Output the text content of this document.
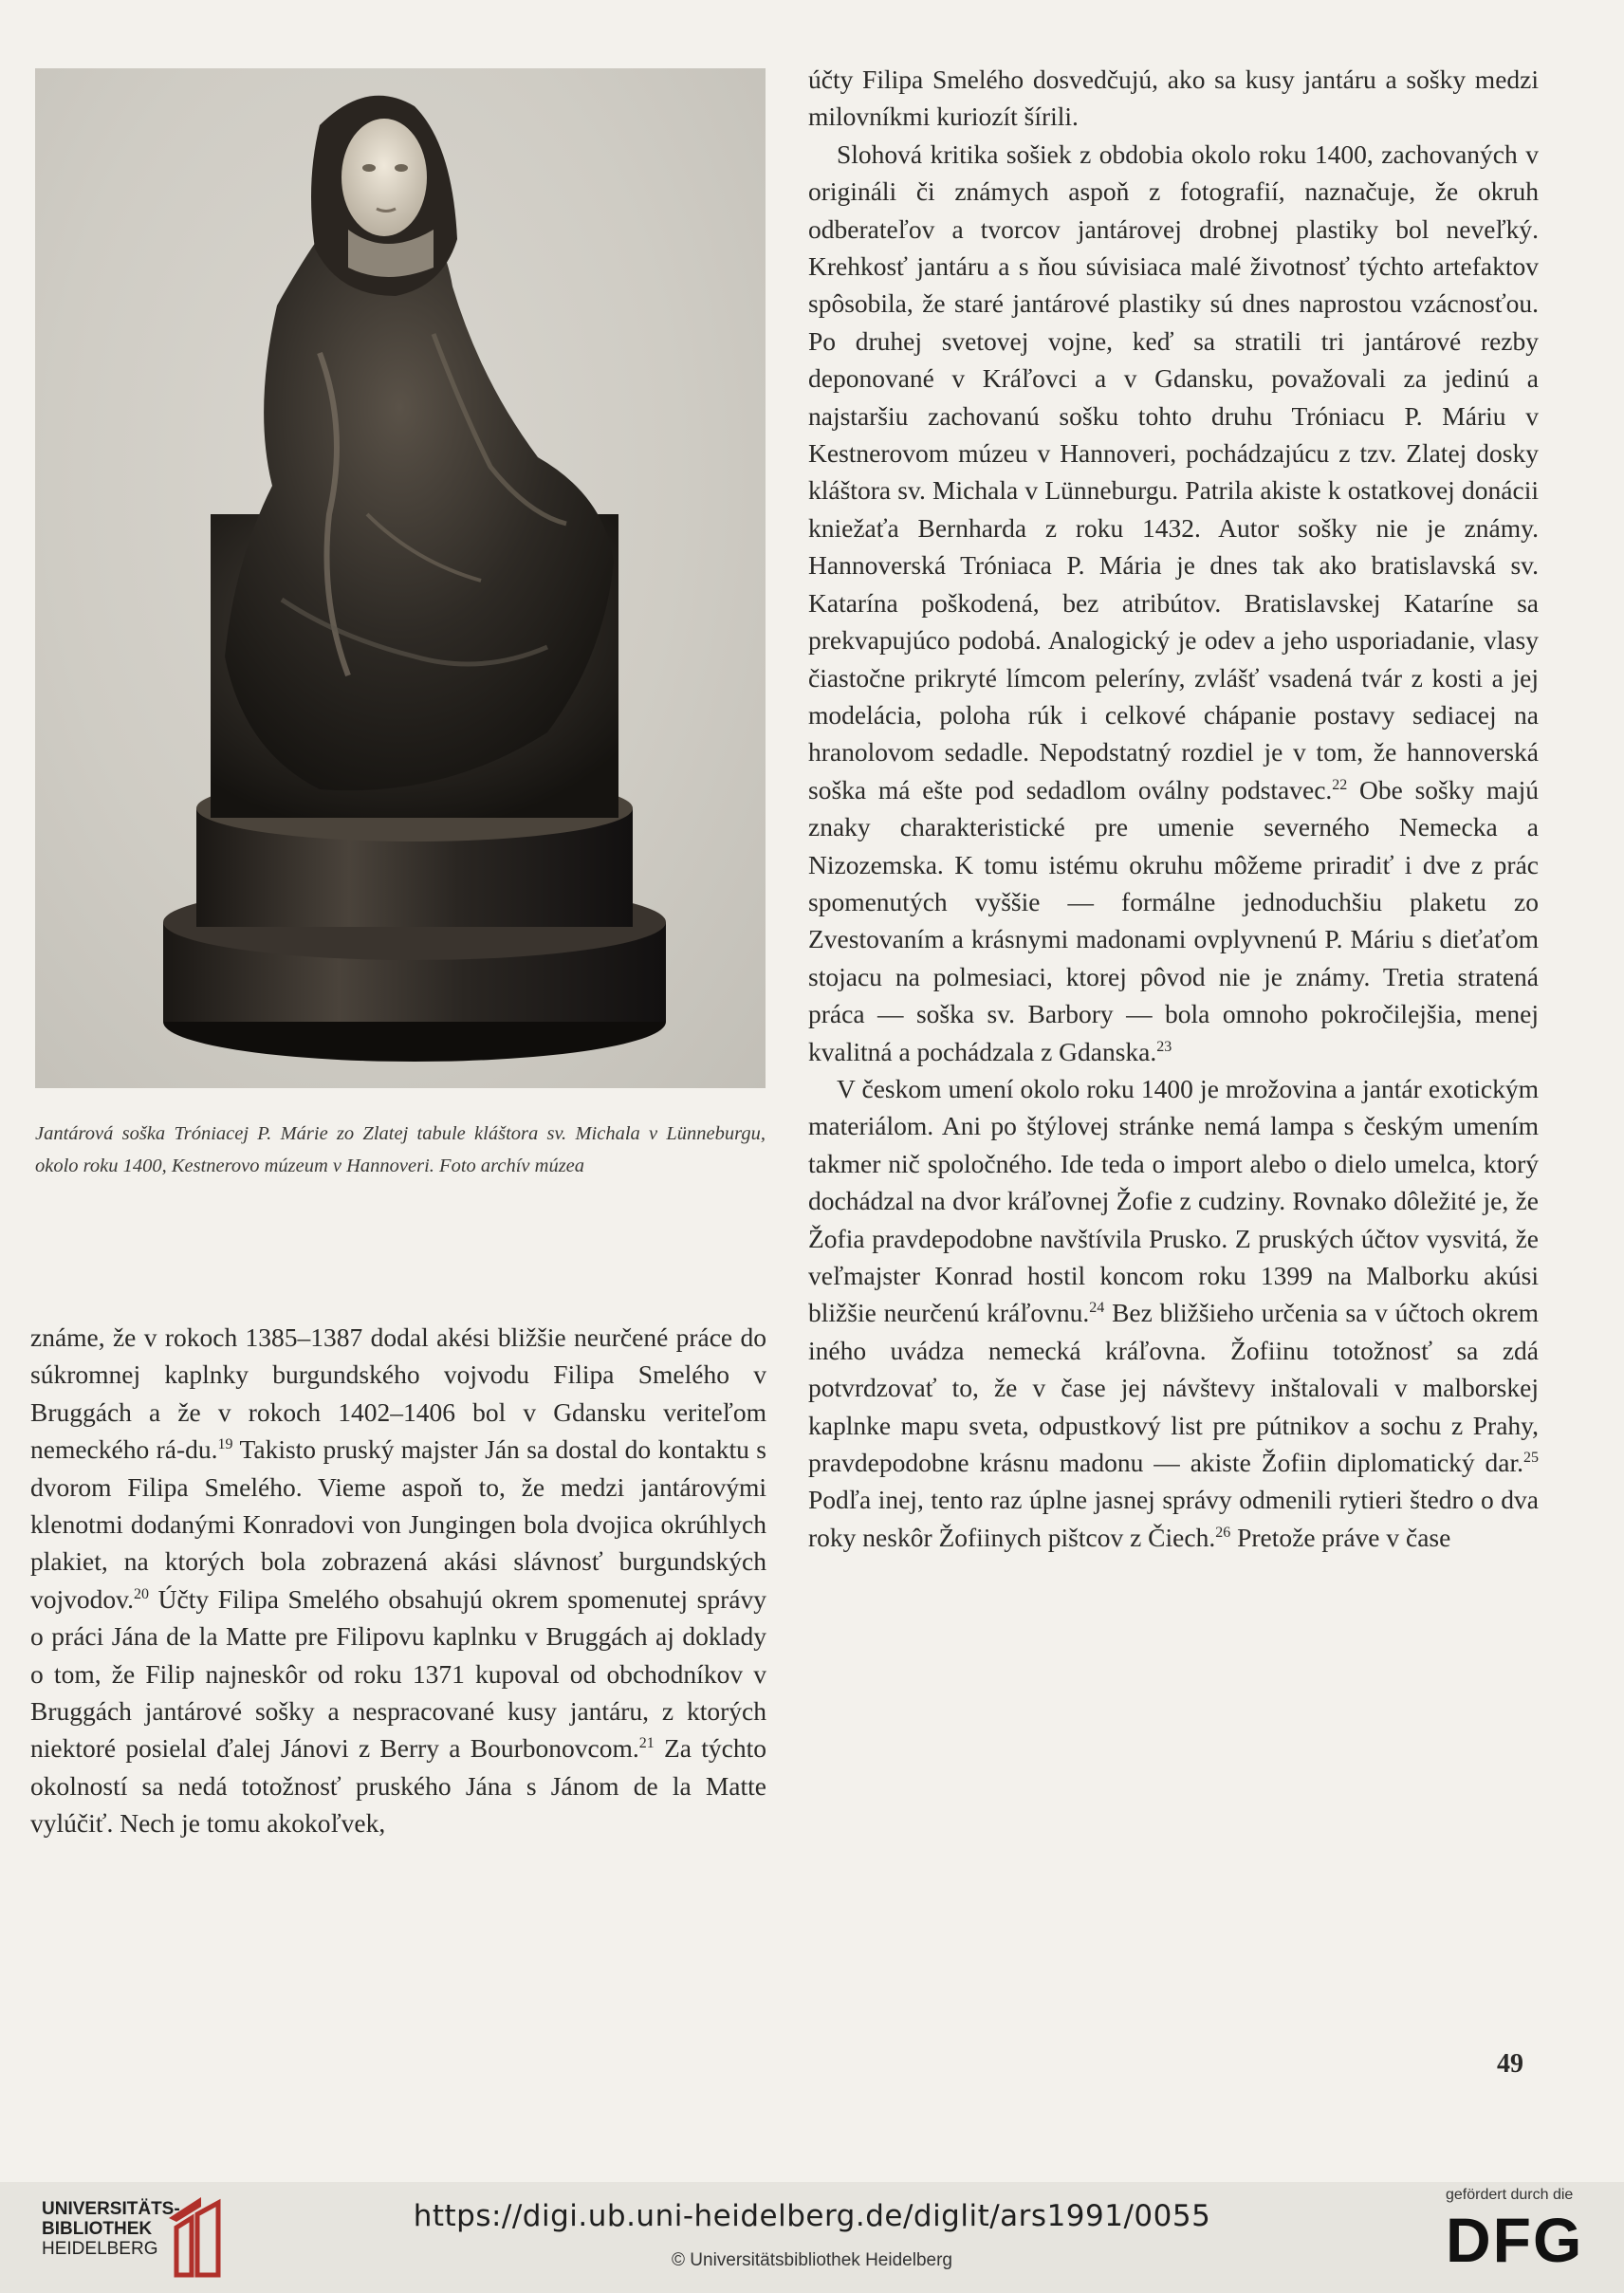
Jantárová soška Tróniacej P. Márie zo Zlatej tabule kláštora sv. Michala v Lünneburgu, okolo roku 1400, Kestnerovo múzeum v Hannoveri. Foto archív múzea

známe, že v rokoch 1385–1387 dodal akési bližšie neurčené práce do súkromnej kaplnky burgundského vojvodu Filipa Smelého v Bruggách a že v rokoch 1402–1406 bol v Gdansku veriteľom nemeckého rá-du.$^{19}$ Takisto pruský majster Ján sa dostal do kontaktu s dvorom Filipa Smelého. Vieme aspoň to, že medzi jantárovými klenotmi dodanými Konradovi von Jungingen bola dvojica okrúhlych plakiet, na ktorých bola zobrazená akási slávnosť burgundských vojvodov.$^{20}$ Účty Filipa Smelého obsahujú okrem spomenutej správy o práci Jána de la Matte pre Filipovu kaplnku v Bruggách aj doklady o tom, že Filip najneskôr od roku 1371 kupoval od obchodníkov v Bruggách jantárové sošky a nespracované kusy jantáru, z ktorých niektoré posielal ďalej Jánovi z Berry a Bourbonovcom.$^{21}$ Za týchto okolností sa nedá totožnosť pruského Jána s Jánom de la Matte vylúčiť. Nech je tomu akokoľvek,

účty Filipa Smelého dosvedčujú, ako sa kusy jantáru a sošky medzi milovníkmi kuriozít šírili.

Slohová kritika sošiek z obdobia okolo roku 1400, zachovaných v origináli či známych aspoň z fotografií, naznačuje, že okruh odberateľov a tvorcov jantárovej drobnej plastiky bol neveľký. Krehkosť jantáru a s ňou súvisiaca malé životnosť týchto artefaktov spôsobila, že staré jantárové plastiky sú dnes naprostou vzácnosťou. Po druhej svetovej vojne, keď sa stratili tri jantárové rezby deponované v Kráľovci a v Gdansku, považovali za jedinú a najstaršiu zachovanú sošku tohto druhu Tróniacu P. Máriu v Kestnerovom múzeu v Hannoveri, pochádzajúcu z tzv. Zlatej dosky kláštora sv. Michala v Lünneburgu. Patrila akiste k ostatkovej donácii kniežaťa Bernharda z roku 1432. Autor sošky nie je známy. Hannoverská Tróniaca P. Mária je dnes tak ako bratislavská sv. Katarína poškodená, bez atribútov. Bratislavskej Kataríne sa prekvapujúco podobá. Analogický je odev a jeho usporiadanie, vlasy čiastočne prikryté límcom peleríny, zvlášť vsadená tvár z kosti a jej modelácia, poloha rúk i celkové chápanie postavy sediacej na hranolovom sedadle. Nepodstatný rozdiel je v tom, že hannoverská soška má ešte pod sedadlom oválny podstavec.$^{22}$ Obe sošky majú znaky charakteristické pre umenie severného Nemecka a Nizozemska. K tomu istému okruhu môžeme priradiť i dve z prác spomenutých vyššie — formálne jednoduchšiu plaketu zo Zvestovaním a krásnymi madonami ovplyvnenú P. Máriu s dieťaťom stojacu na polmesiaci, ktorej pôvod nie je známy. Tretia stratená práca — soška sv. Barbory — bola omnoho pokročilejšia, menej kvalitná a pochádzala z Gdanska.$^{23}$

V českom umení okolo roku 1400 je mrožovina a jantár exotickým materiálom. Ani po štýlovej stránke nemá lampa s českým umením takmer nič spoločného. Ide teda o import alebo o dielo umelca, ktorý dochádzal na dvor kráľovnej Žofie z cudziny. Rovnako dôležité je, že Žofia pravdepodobne navštívila Prusko. Z pruských účtov vysvitá, že veľmajster Konrad hostil koncom roku 1399 na Malborku akúsi bližšie neurčenú kráľovnu.$^{24}$ Bez bližšieho určenia sa v účtoch okrem iného uvádza nemecká kráľovna. Žofiinu totožnosť sa zdá potvrdzovať to, že v čase jej návštevy inštalovali v malborskej kaplnke mapu sveta, odpustkový list pre pútnikov a sochu z Prahy, pravdepodobne krásnu madonu — akiste Žofiin diplomatický dar.$^{25}$ Podľa inej, tento raz úplne jasnej správy odmenili rytieri štedro o dva roky neskôr Žofiinych pištcov z Čiech.$^{26}$ Pretože práve v čase

49
UNIVERSITÄTS-
BIBLIOTHEK
HEIDELBERG
https://digi.ub.uni-heidelberg.de/diglit/ars1991/0055
© Universitätsbibliothek Heidelberg
gefördert durch die
DFG
